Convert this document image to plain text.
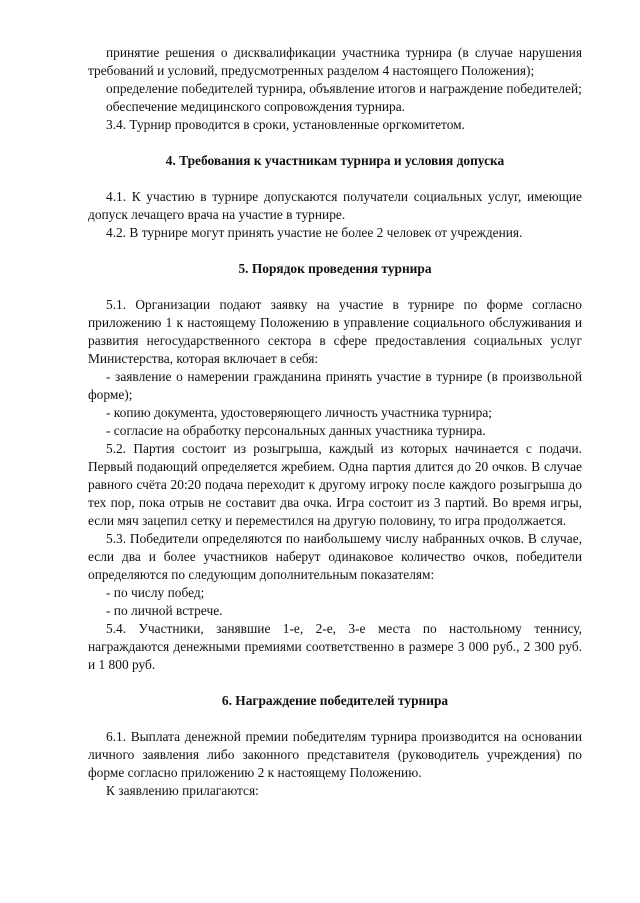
принятие решения о дисквалификации участника турнира (в случае нарушения требований и условий, предусмотренных разделом 4 настоящего Положения);

определение победителей турнира, объявление итогов и награждение победителей;

обеспечение медицинского сопровождения турнира.

3.4. Турнир проводится в сроки, установленные оргкомитетом.

4. Требования к участникам турнира и условия допуска

4.1. К участию в турнире допускаются получатели социальных услуг, имеющие допуск лечащего врача на участие в турнире.

4.2. В турнире могут принять участие не более 2 человек от учреждения.

5. Порядок проведения турнира

5.1. Организации подают заявку на участие в турнире по форме согласно приложению 1 к настоящему Положению в управление социального обслуживания и развития негосударственного сектора в сфере предоставления социальных услуг Министерства, которая включает в себя:

- заявление о намерении гражданина принять участие в турнире (в произвольной форме);

- копию документа, удостоверяющего личность участника турнира;

- согласие на обработку персональных данных участника турнира.

5.2. Партия состоит из розыгрыша, каждый из которых начинается с подачи. Первый подающий определяется жребием. Одна партия длится до 20 очков. В случае равного счёта 20:20 подача переходит к другому игроку после каждого розыгрыша до тех пор, пока отрыв не составит два очка. Игра состоит из 3 партий. Во время игры, если мяч зацепил сетку и переместился на другую половину, то игра продолжается.

5.3. Победители определяются по наибольшему числу набранных очков. В случае, если два и более участников наберут одинаковое количество очков, победители определяются по следующим дополнительным показателям:

- по числу побед;

- по личной встрече.

5.4. Участники, занявшие 1-е, 2-е, 3-е места по настольному теннису, награждаются денежными премиями соответственно в размере 3 000 руб., 2 300 руб. и 1 800 руб.

6. Награждение победителей турнира

6.1. Выплата денежной премии победителям турнира производится на основании личного заявления либо законного представителя (руководитель учреждения) по форме согласно приложению 2 к настоящему Положению.

К заявлению прилагаются:
